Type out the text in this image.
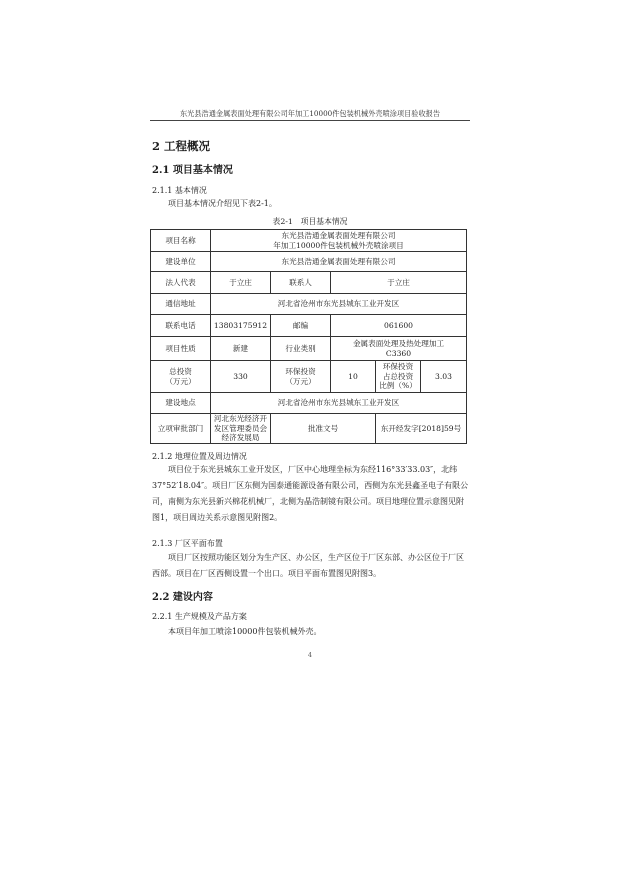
东光县浩通金属表面处理有限公司年加工10000件包装机械外壳喷涂项目验收报告
2 工程概况
2.1 项目基本情况
2.1.1 基本情况
项目基本情况介绍见下表2-1。
表2-1　项目基本情况
项目名称	东光县浩通金属表面处理有限公司
年加工10000件包装机械外壳喷涂项目				
建设单位	东光县浩通金属表面处理有限公司				
法人代表	于立庄	联系人	于立庄		
通信地址	河北省沧州市东光县城东工业开发区				
联系电话	13803175912	邮编	061600		
项目性质	新建	行业类别	金属表面处理及热处理加工
C3360		
总投资
（万元）	330	环保投资
（万元）	10	环保投资
占总投资
比例（%）	3.03
建设地点	河北省沧州市东光县城东工业开发区				
立项审批部门	河北东光经济开
发区管理委员会
经济发展局	批准文号		东开经发字[2018]59号	
2.1.2 地理位置及周边情况
项目位于东光县城东工业开发区，厂区中心地理坐标为东经116°33′33.03″，北纬37°52′18.04″。项目厂区东侧为国泰通能源设备有限公司，西侧为东光县鑫圣电子有限公司，南侧为东光县新兴棉花机械厂，北侧为晶浩制镜有限公司。项目地理位置示意图见附图1，项目周边关系示意图见附图2。
2.1.3 厂区平面布置
项目厂区按照功能区划分为生产区、办公区，生产区位于厂区东部、办公区位于厂区西部。项目在厂区西侧设置一个出口。项目平面布置图见附图3。
2.2 建设内容
2.2.1 生产规模及产品方案
本项目年加工喷涂10000件包装机械外壳。
4
